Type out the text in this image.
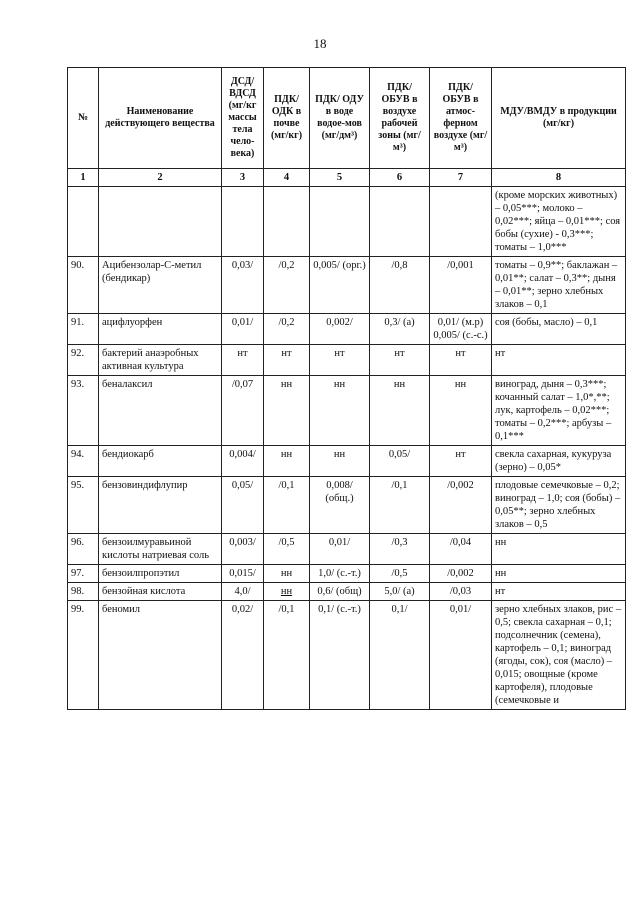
18
№	Наименование действующего вещества	ДСД/ ВДСД (мг/кг массы тела чело-века)	ПДК/ ОДК в почве (мг/кг)	ПДК/ ОДУ в воде водое-мов (мг/дм³)	ПДК/ ОБУВ в воздухе рабочей зоны (мг/м³)	ПДК/ ОБУВ в атмос-ферном воздухе (мг/м³)	МДУ/ВМДУ в продукции (мг/кг)
1	2	3	4	5	6	7	8
							(кроме морских животных) – 0,05***; молоко – 0,02***; яйца – 0,01***; соя бобы (сухие) - 0,3***; томаты – 1,0***
90.	Ацибензолар-С-метил (бендикар)	0,03/	/0,2	0,005/ (орг.)	/0,8	/0,001	томаты – 0,9**; баклажан – 0,01**; салат – 0,3**; дыня – 0,01**; зерно хлебных злаков – 0,1
91.	ацифлуорфен	0,01/	/0,2	0,002/	0,3/ (а)	0,01/ (м.р) 0,005/ (с.-с.)	соя (бобы, масло) – 0,1
92.	бактерий анаэробных активная культура	нт	нт	нт	нт	нт	нт
93.	беналаксил	/0,07	нн	нн	нн	нн	виноград, дыня – 0,3***; кочанный салат – 1,0*,**; лук, картофель – 0,02***; томаты – 0,2***; арбузы – 0,1***
94.	бендиокарб	0,004/	нн	нн	0,05/	нт	свекла сахарная, кукуруза (зерно) – 0,05*
95.	бензовиндифлупир	0,05/	/0,1	0,008/ (общ.)	/0,1	/0,002	плодовые семечковые – 0,2; виноград – 1,0; соя (бобы) – 0,05**; зерно хлебных злаков – 0,5
96.	бензоилмуравьиной кислоты натриевая соль	0,003/	/0,5	0,01/	/0,3	/0,04	нн
97.	бензоилпропэтил	0,015/	нн	1,0/ (с.-т.)	/0,5	/0,002	нн
98.	бензойная кислота	4,0/	нн	0,6/ (общ)	5,0/ (а)	/0,03	нт
99.	беномил	0,02/	/0,1	0,1/ (с.-т.)	0,1/	0,01/	зерно хлебных злаков, рис – 0,5; свекла сахарная – 0,1; подсолнечник (семена), картофель – 0,1; виноград (ягоды, сок), соя (масло) – 0,015; овощные (кроме картофеля), плодовые (семечковые и
